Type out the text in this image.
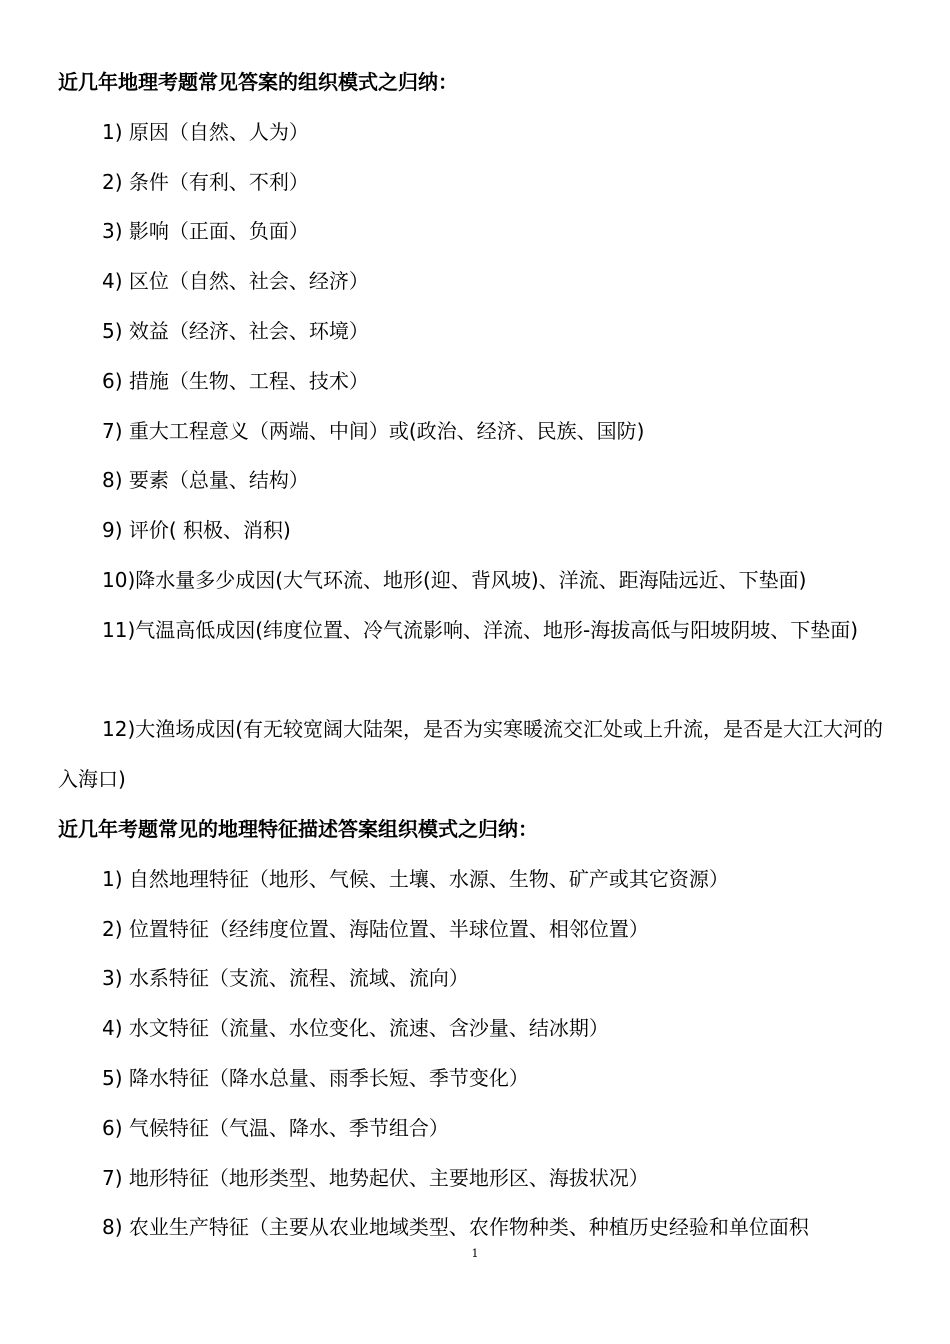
近几年地理考题常见答案的组织模式之归纳：
1) 原因（自然、人为）
2) 条件（有利、不利）
3) 影响（正面、负面）
4) 区位（自然、社会、经济）
5) 效益（经济、社会、环境）
6) 措施（生物、工程、技术）
7) 重大工程意义（两端、中间）或(政治、经济、民族、国防)
8) 要素（总量、结构）
9) 评价( 积极、消积)
10)降水量多少成因(大气环流、地形(迎、背风坡)、洋流、距海陆远近、下垫面)
11)气温高低成因(纬度位置、冷气流影响、洋流、地形-海拔高低与阳坡阴坡、下垫面)
12)大渔场成因(有无较宽阔大陆架，是否为实寒暖流交汇处或上升流，是否是大江大河的入海口)
近几年考题常见的地理特征描述答案组织模式之归纳：
1) 自然地理特征（地形、气候、土壤、水源、生物、矿产或其它资源）
2) 位置特征（经纬度位置、海陆位置、半球位置、相邻位置）
3) 水系特征（支流、流程、流域、流向）
4) 水文特征（流量、水位变化、流速、含沙量、结冰期）
5) 降水特征（降水总量、雨季长短、季节变化）
6) 气候特征（气温、降水、季节组合）
7) 地形特征（地形类型、地势起伏、主要地形区、海拔状况）
8) 农业生产特征（主要从农业地域类型、农作物种类、种植历史经验和单位面积
1
